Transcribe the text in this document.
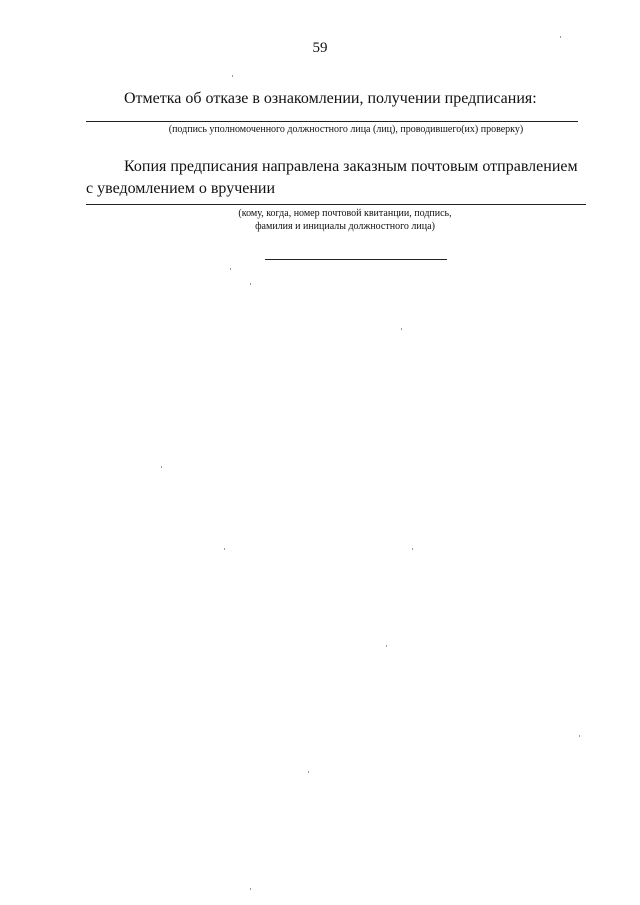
59
Отметка об отказе в ознакомлении, получении предписания:
(подпись уполномоченного должностного лица (лиц), проводившего(их) проверку)
Копия предписания направлена заказным почтовым отправлением с уведомлением о вручении
(кому, когда, номер почтовой квитанции, подпись,
фамилия и инициалы должностного лица)
